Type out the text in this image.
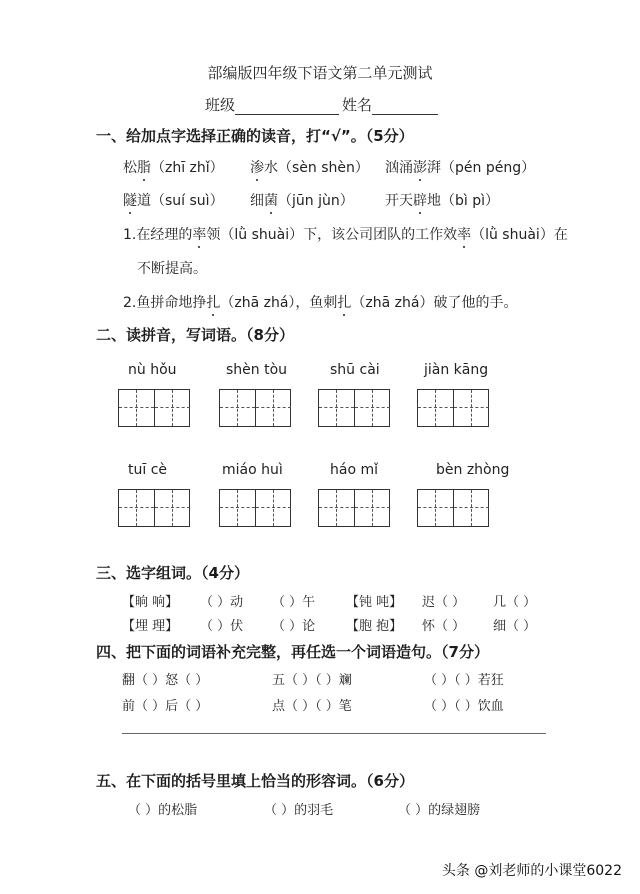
部编版四年级下语文第二单元测试
班级	姓名
一、给加点字选择正确的读音，打“√”。（5分）
松脂（zhī zhǐ） 渗水（sèn shèn） 汹涌澎湃（pén péng）
隧道（suí suì） 细菌（jūn jùn） 开天辟地（bì pì）
1.在经理的率领（lǜ shuài）下，该公司团队的工作效率（lǜ shuài）在
不断提高。
2.鱼拼命地挣扎（zhā zhá），鱼刺扎（zhā zhá）破了他的手。
二、读拼音，写词语。（8分）
nù hǒu	shèn tòu	shū cài	jiàn kāng
tuī cè	miáo huì	háo mǐ	bèn zhòng
三、选字组词。（4分）
【晌 响】 （ ）动 （ ）午 【钝 吨】 迟（ ） 几（ ）
【埋 理】 （ ）伏 （ ）论 【胞 抱】 怀（ ） 细（ ）
四、把下面的词语补充完整，再任选一个词语造句。（7分）
翻（ ）怒（ ）	五（ ）（ ）斓	（ ）（ ）若狂
前（ ）后（ ）	点（ ）（ ）笔	（ ）（ ）饮血
五、在下面的括号里填上恰当的形容词。（6分）
（ ）的松脂	（ ）的羽毛	（ ）的绿翅膀
头条 @刘老师的小课堂6022
